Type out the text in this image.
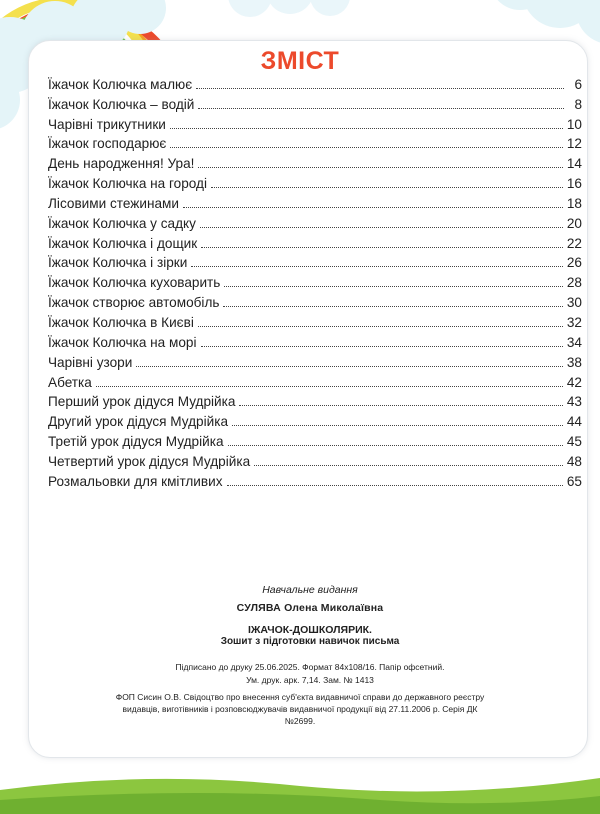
ЗМІСТ
Їжачок Колючка малює	6
Їжачок Колючка – водій	8
Чарівні трикутники	10
Їжачок господарює	12
День народження! Ура!	14
Їжачок Колючка на городі	16
Лісовими стежинами	18
Їжачок Колючка у садку	20
Їжачок Колючка і дощик	22
Їжачок Колючка і зірки	26
Їжачок Колючка куховарить	28
Їжачок створює автомобіль	30
Їжачок Колючка в Києві	32
Їжачок Колючка на морі	34
Чарівні узори	38
Абетка	42
Перший урок дідуся Мудрійка	43
Другий урок дідуся Мудрійка	44
Третій урок дідуся Мудрійка	45
Четвертий урок дідуся Мудрійка	48
Розмальовки для кмітливих	65
Навчальне видання
СУЛЯВА Олена Миколаївна
ІЖАЧОК-ДОШКОЛЯРИК.
Зошит з підготовки навичок письма
Підписано до друку 25.06.2025. Формат 84х108/16. Папір офсетний.
Ум. друк. арк. 7,14. Зам. № 1413
ФОП Сисин О.В. Свідоцтво про внесення суб'єкта видавничої справи до державного реєстру видавців, виготівників і розповсюджувачів видавничої продукції від 27.11.2006 р. Серія ДК №2699.
